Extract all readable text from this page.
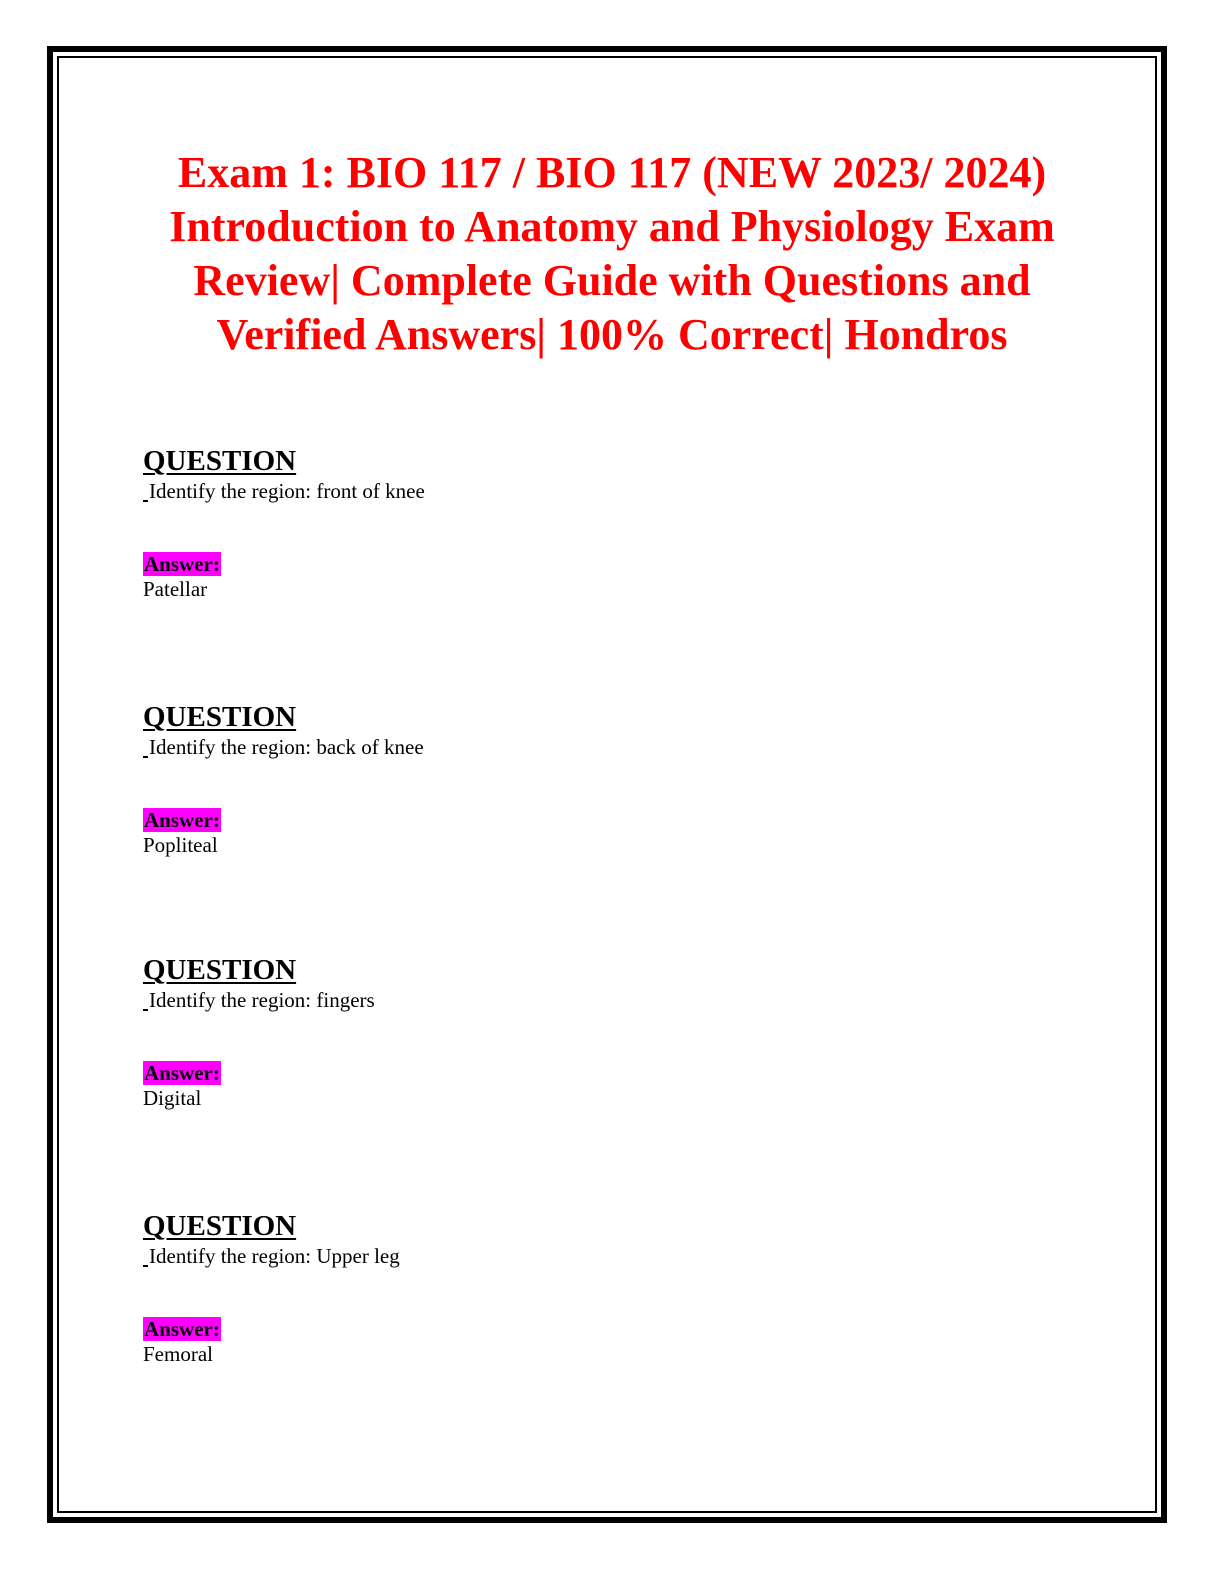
Exam 1: BIO 117 / BIO 117 (NEW 2023/ 2024) Introduction to Anatomy and Physiology Exam Review| Complete Guide with Questions and Verified Answers| 100% Correct| Hondros
QUESTION
Identify the region: front of knee
Answer:
Patellar
QUESTION
Identify the region: back of knee
Answer:
Popliteal
QUESTION
Identify the region: fingers
Answer:
Digital
QUESTION
Identify the region: Upper leg
Answer:
Femoral
